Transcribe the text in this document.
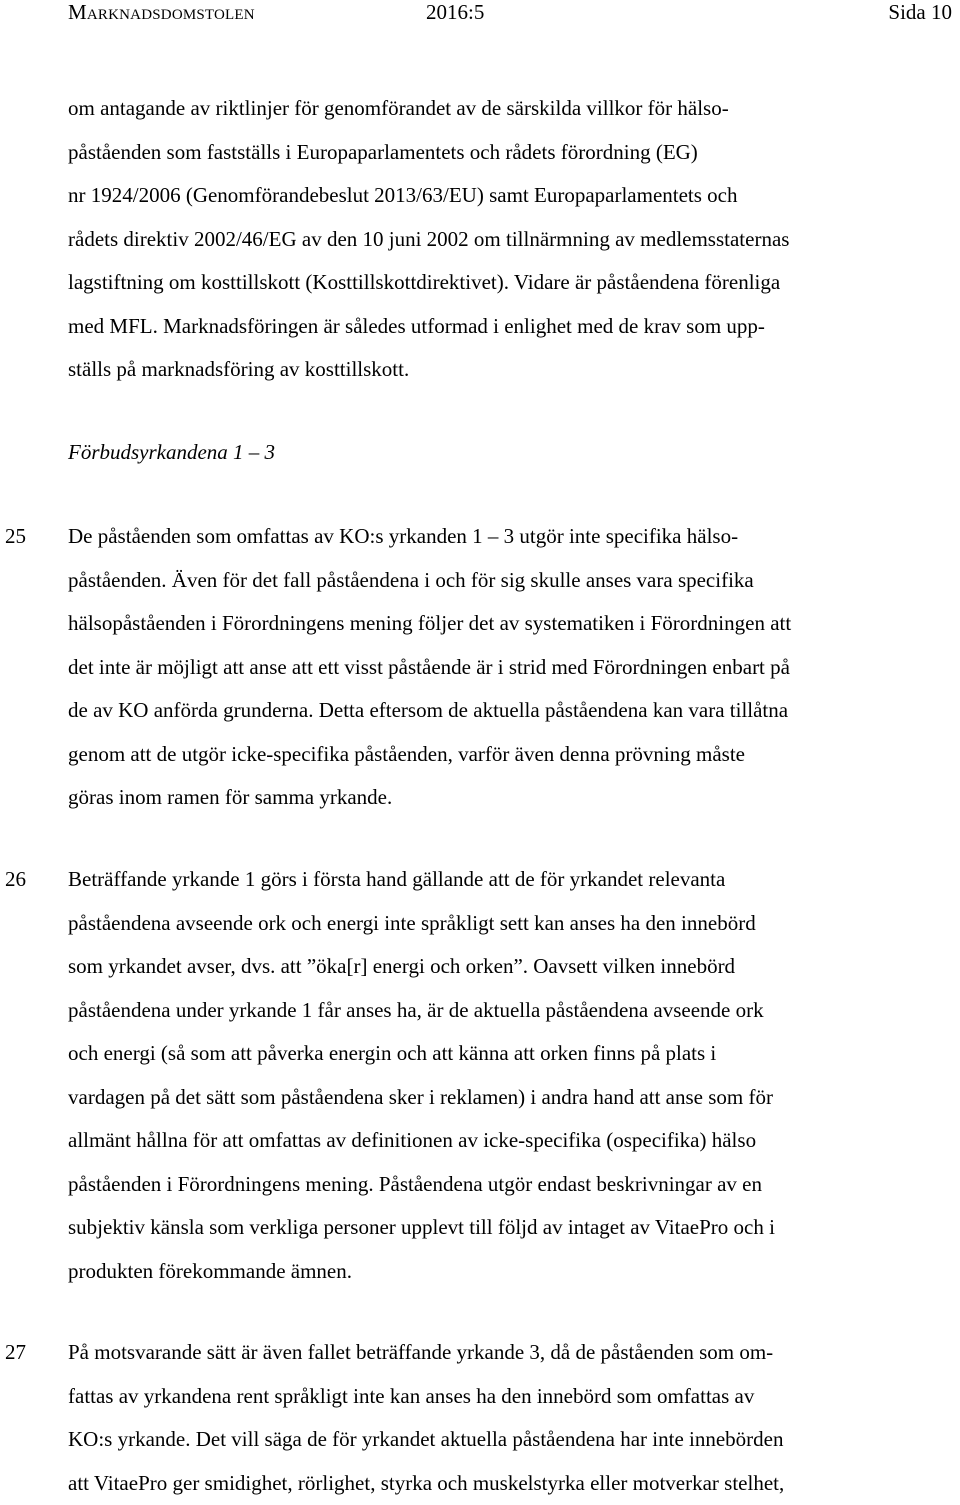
Marknadsdomstolen	2016:5	Sida 10
om antagande av riktlinjer för genomförandet av de särskilda villkor för hälso-
påståenden som fastställs i Europaparlamentets och rådets förordning (EG)
nr 1924/2006 (Genomförandebeslut 2013/63/EU) samt Europaparlamentets och
rådets direktiv 2002/46/EG av den 10 juni 2002 om tillnärmning av medlemsstaternas
lagstiftning om kosttillskott (Kosttillskottdirektivet). Vidare är påståendena förenliga
med MFL. Marknadsföringen är således utformad i enlighet med de krav som upp-
ställs på marknadsföring av kosttillskott.
Förbudsyrkandena 1 – 3
25 De påståenden som omfattas av KO:s yrkanden 1 – 3 utgör inte specifika hälso-
påståenden. Även för det fall påståendena i och för sig skulle anses vara specifika
hälsopåståenden i Förordningens mening följer det av systematiken i Förordningen att
det inte är möjligt att anse att ett visst påstående är i strid med Förordningen enbart på
de av KO anförda grunderna. Detta eftersom de aktuella påståendena kan vara tillåtna
genom att de utgör icke-specifika påståenden, varför även denna prövning måste
göras inom ramen för samma yrkande.
26 Beträffande yrkande 1 görs i första hand gällande att de för yrkandet relevanta
påståendena avseende ork och energi inte språkligt sett kan anses ha den innebörd
som yrkandet avser, dvs. att ”öka[r] energi och orken”. Oavsett vilken innebörd
påståendena under yrkande 1 får anses ha, är de aktuella påståendena avseende ork
och energi (så som att påverka energin och att känna att orken finns på plats i
vardagen på det sätt som påståendena sker i reklamen) i andra hand att anse som för
allmänt hållna för att omfattas av definitionen av icke-specifika (ospecifika) hälso
påståenden i Förordningens mening. Påståendena utgör endast beskrivningar av en
subjektiv känsla som verkliga personer upplevt till följd av intaget av VitaePro och i
produkten förekommande ämnen.
27 På motsvarande sätt är även fallet beträffande yrkande 3, då de påståenden som om-
fattas av yrkandena rent språkligt inte kan anses ha den innebörd som omfattas av
KO:s yrkande. Det vill säga de för yrkandet aktuella påståendena har inte innebörden
att VitaePro ger smidighet, rörlighet, styrka och muskelstyrka eller motverkar stelhet,
